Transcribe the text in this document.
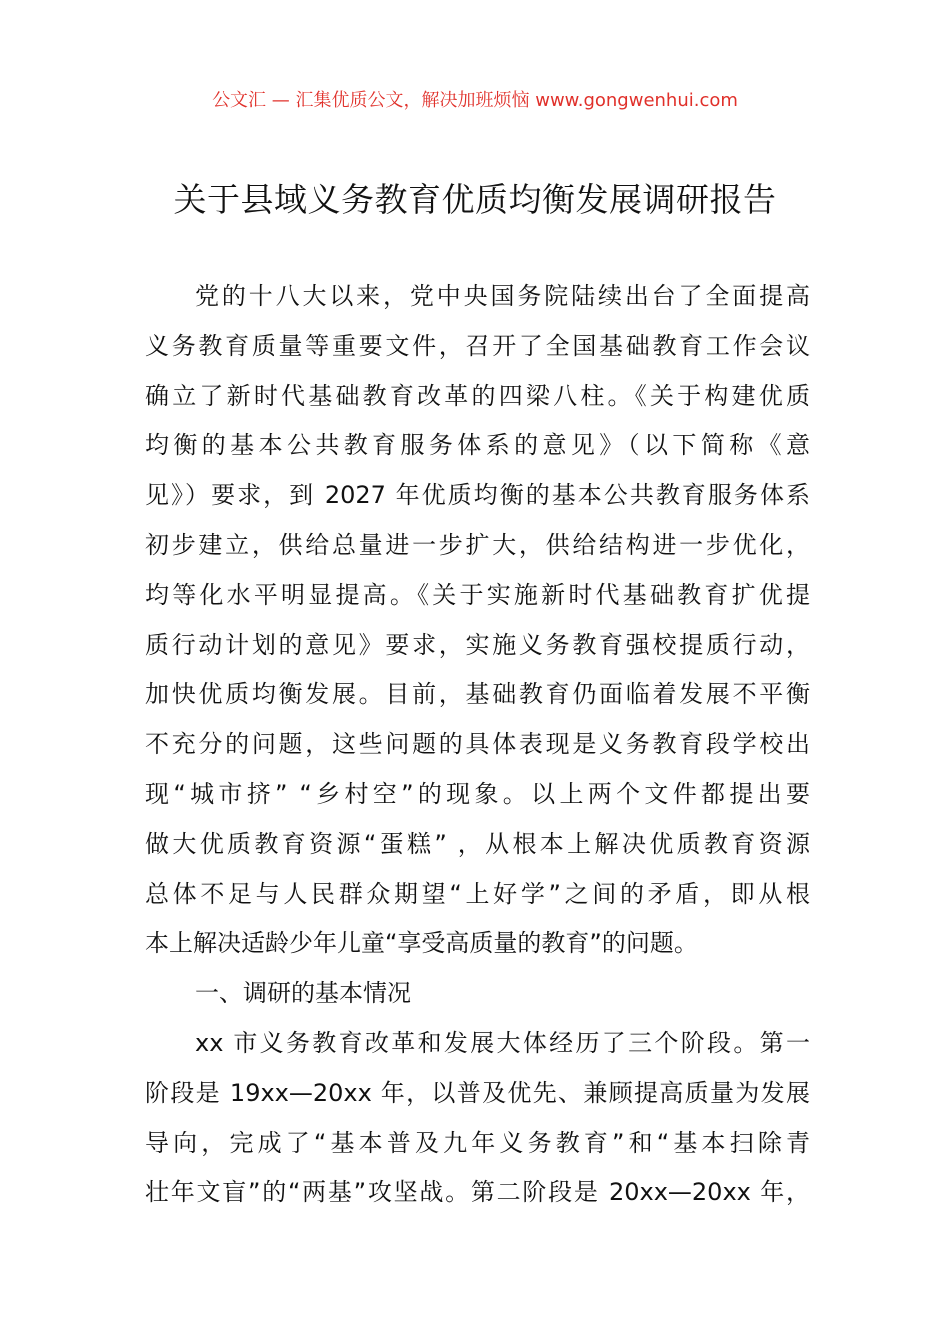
公文汇 — 汇集优质公文，解决加班烦恼 www.gongwenhui.com
关于县域义务教育优质均衡发展调研报告
党的十八大以来，党中央国务院陆续出台了全面提高
义务教育质量等重要文件，召开了全国基础教育工作会议
确立了新时代基础教育改革的四梁八柱。《关于构建优质
均衡的基本公共教育服务体系的意见》（以下简称《意
见》）要求，到 2027 年优质均衡的基本公共教育服务体系
初步建立，供给总量进一步扩大，供给结构进一步优化，
均等化水平明显提高。《关于实施新时代基础教育扩优提
质行动计划的意见》要求，实施义务教育强校提质行动，
加快优质均衡发展。目前，基础教育仍面临着发展不平衡
不充分的问题，这些问题的具体表现是义务教育段学校出
现“城市挤” “乡村空”的现象。以上两个文件都提出要
做大优质教育资源“蛋糕” ，从根本上解决优质教育资源
总体不足与人民群众期望“上好学”之间的矛盾，即从根
本上解决适龄少年儿童“享受高质量的教育”的问题。
一、调研的基本情况
xx 市义务教育改革和发展大体经历了三个阶段。第一
阶段是 19xx—20xx 年，以普及优先、兼顾提高质量为发展
导向，完成了“基本普及九年义务教育”和“基本扫除青
壮年文盲”的“两基”攻坚战。第二阶段是 20xx—20xx 年，
